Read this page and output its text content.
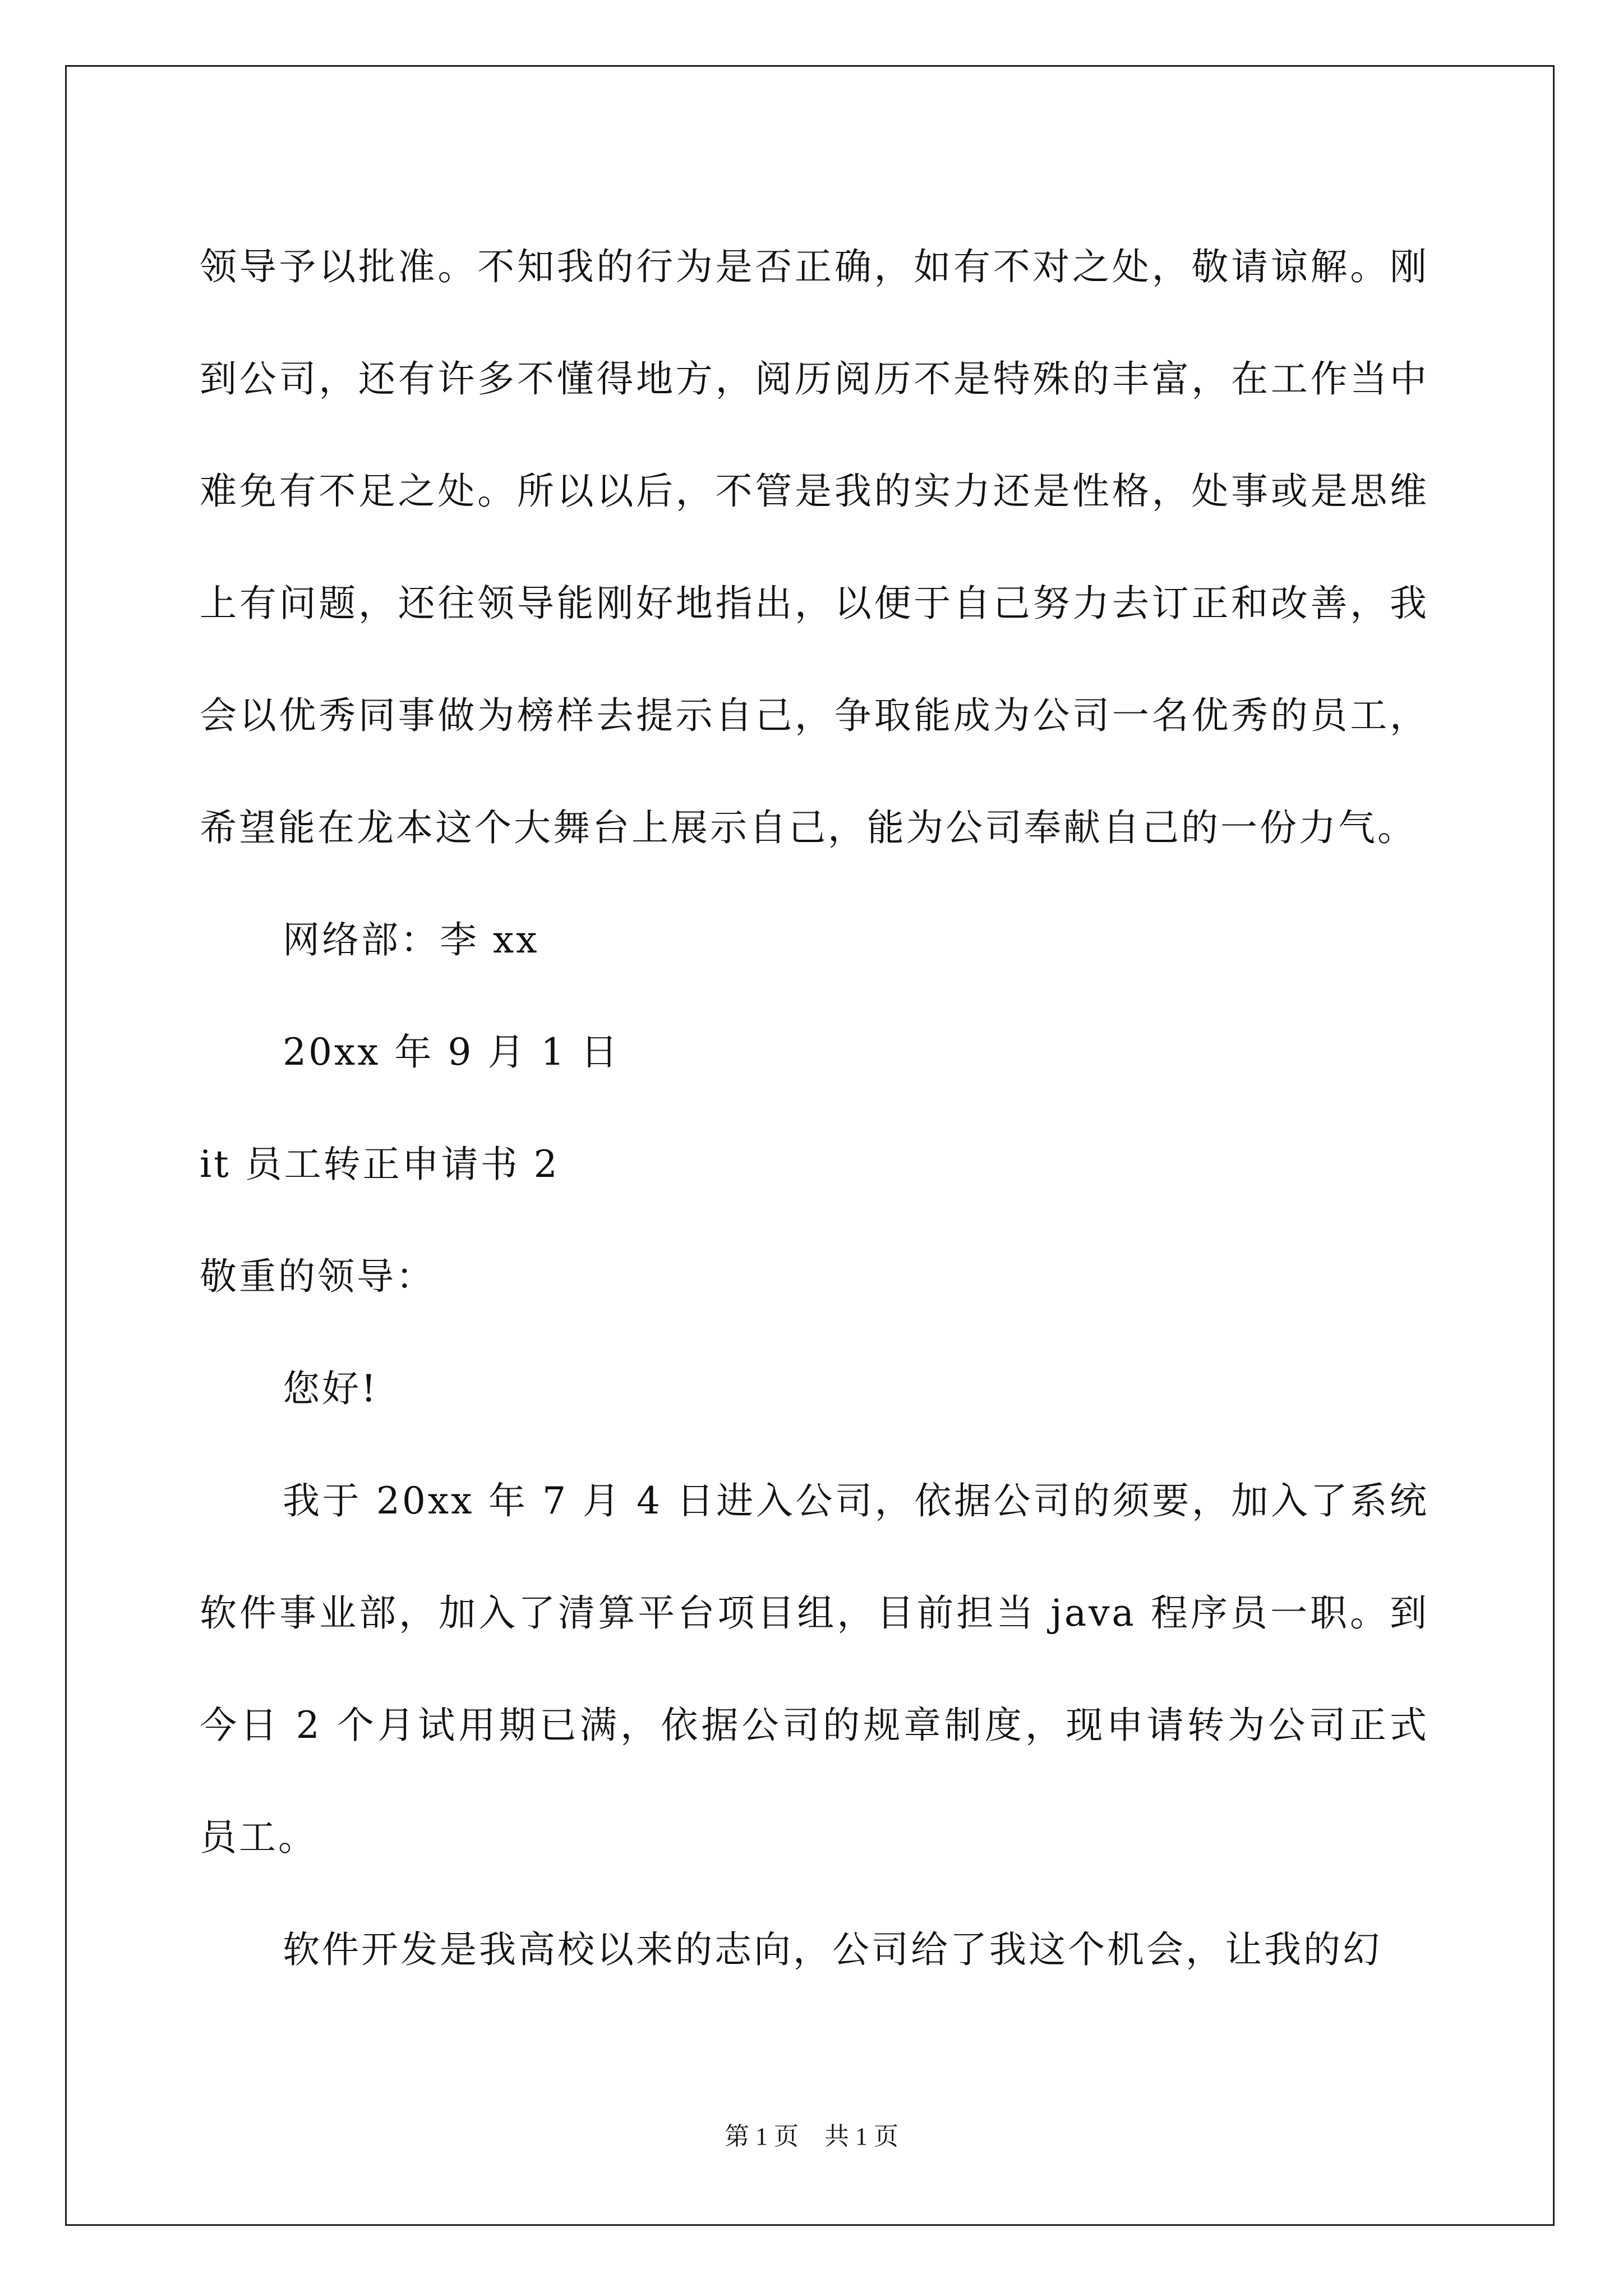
领导予以批准。不知我的行为是否正确，如有不对之处，敬请谅解。刚到公司，还有许多不懂得地方，阅历阅历不是特殊的丰富，在工作当中难免有不足之处。所以以后，不管是我的实力还是性格，处事或是思维上有问题，还往领导能刚好地指出，以便于自己努力去订正和改善，我会以优秀同事做为榜样去提示自己，争取能成为公司一名优秀的员工，希望能在龙本这个大舞台上展示自己，能为公司奉献自己的一份力气。

网络部：李 xx

20xx 年 9 月 1 日

it 员工转正申请书 2

敬重的领导：

您好!

我于 20xx 年 7 月 4 日进入公司，依据公司的须要，加入了系统软件事业部，加入了清算平台项目组，目前担当 java 程序员一职。到今日 2 个月试用期已满，依据公司的规章制度，现申请转为公司正式员工。

软件开发是我高校以来的志向，公司给了我这个机会，让我的幻

第 1 页 共 1 页
